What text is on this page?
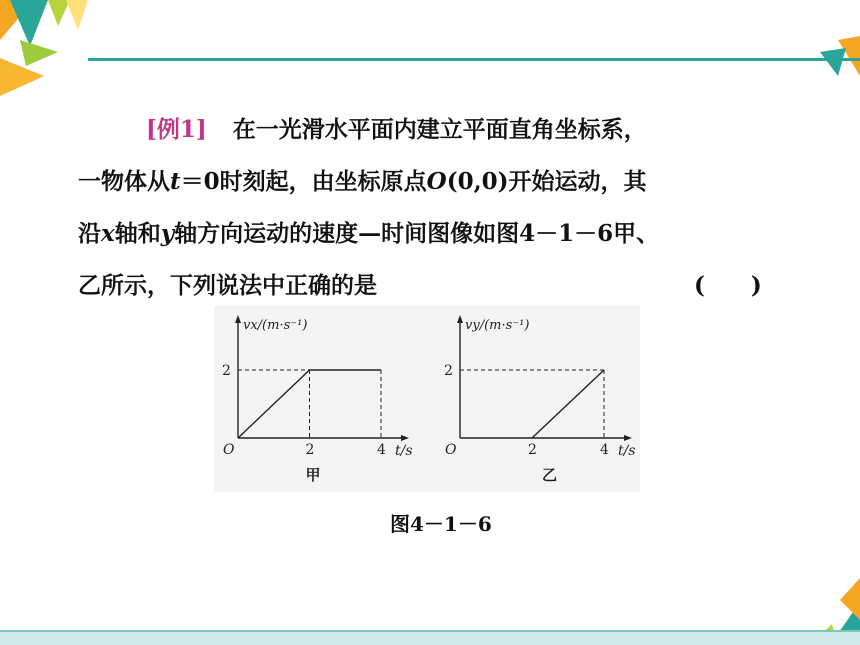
[例1] 在一光滑水平面内建立平面直角坐标系，
一物体从t＝0时刻起，由坐标原点O(0,0)开始运动，其
沿x轴和y轴方向运动的速度—时间图像如图4－1－6甲、
乙所示，下列说法中正确的是	(　　)
vx/(m·s⁻¹)
t/s
O	2	4
2
甲
vy/(m·s⁻¹)
t/s
O	2	4
2
乙
图4－1－6
